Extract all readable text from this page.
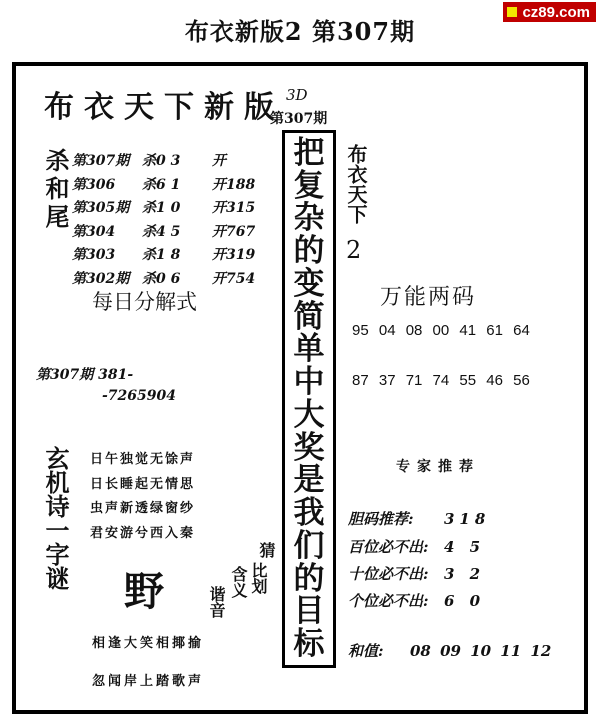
布衣新版2 第307期
cz89.com
布衣天下新版 3D
第307期
杀和尾 第307期 杀0 3 开
第306 杀6 1 开188
第305期 杀1 0 开315
第304 杀4 5 开767
第303 杀1 8 开319
第302期 杀0 6 开754
每日分解式
第307期 381-
-7265904
玄机诗一字谜 日午独觉无馀声
日长睡起无情思
虫声新透绿窗纱
君安游兮西入秦
野
猜
比划
含义
谐音
相逢大笑相揶揄
忽闻岸上踏歌声
把
复
杂
的
变
简
单
中
大
奖
是
我
们
的
目
标
布衣天下
2
万能两码
95 04 08 00 41 61 64
87 37 71 74 55 46 56
专家推荐
胆码推荐: 318
百位必不出: 4 5
十位必不出: 3 2
个位必不出: 6 0
和值: 08 09 10 11 12
